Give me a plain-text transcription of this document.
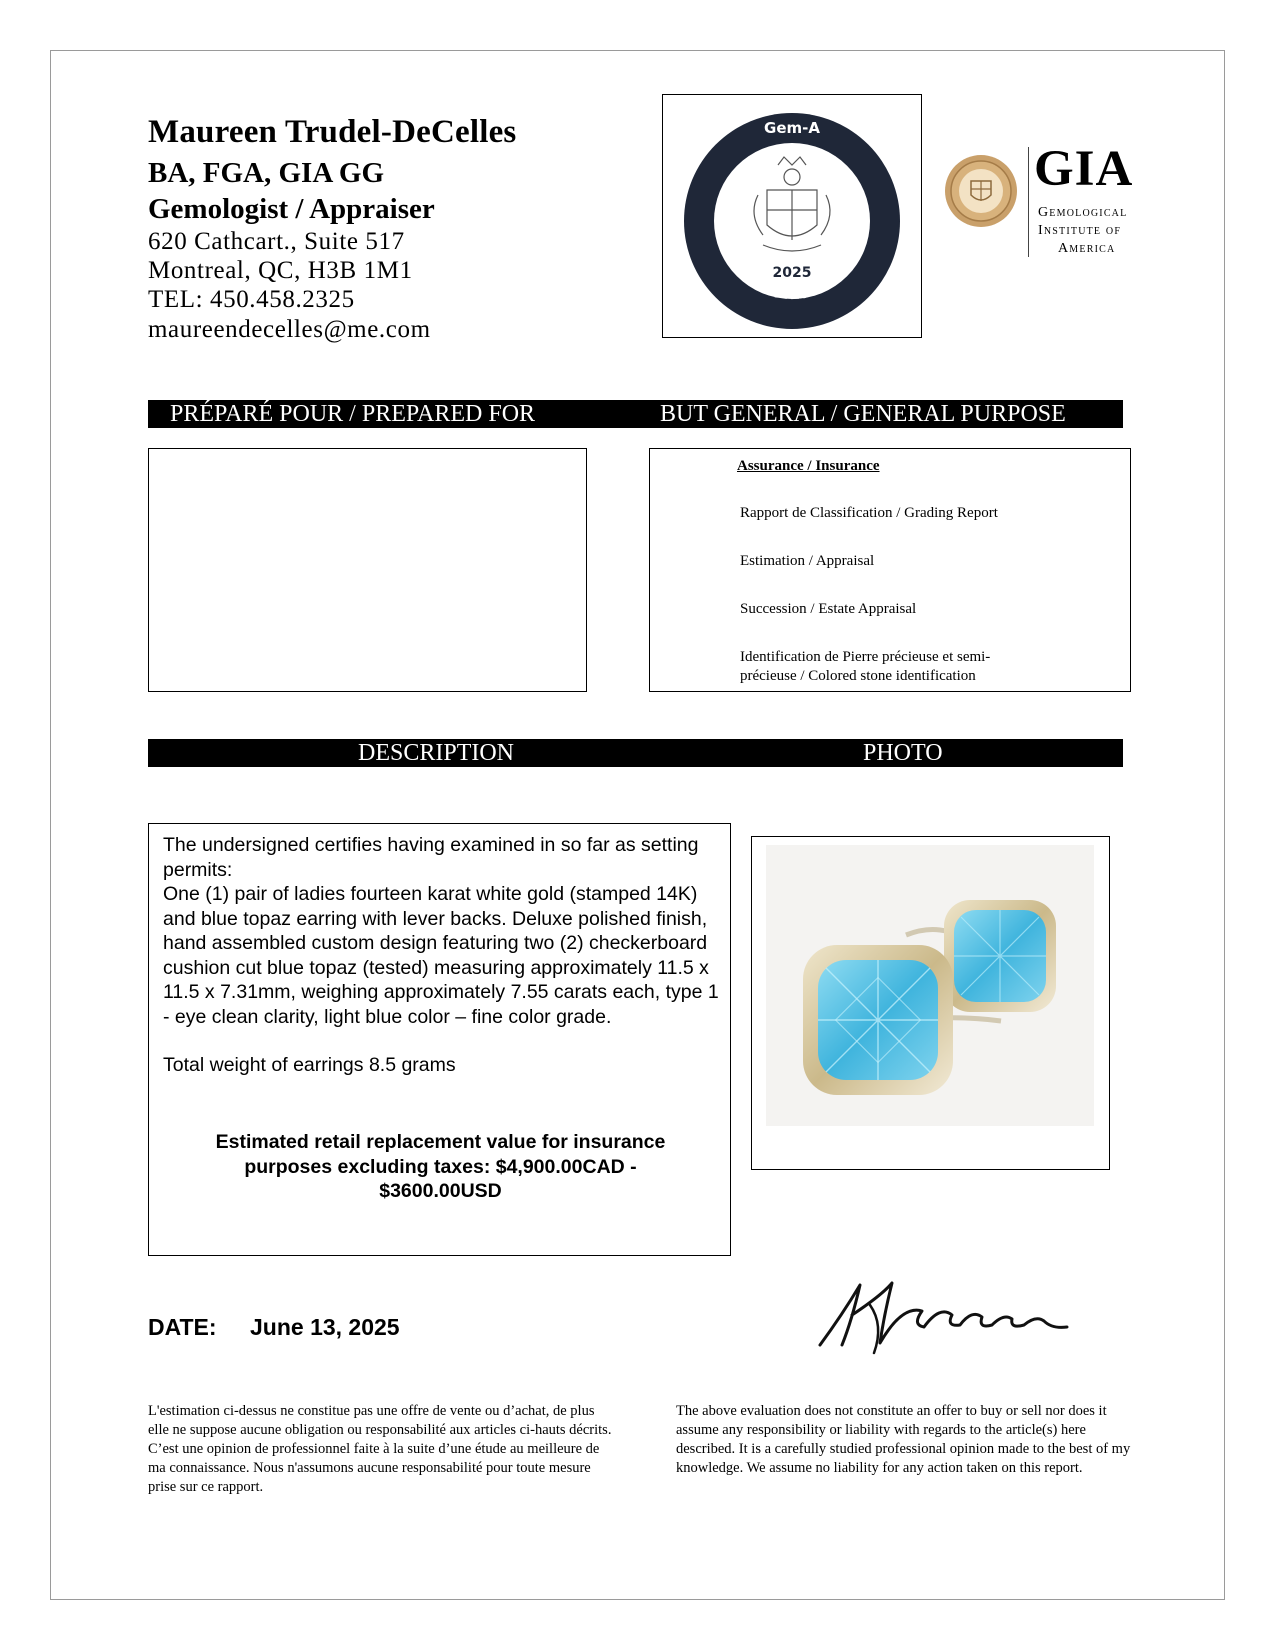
Maureen Trudel-DeCelles
BA, FGA, GIA GG
Gemologist / Appraiser
620 Cathcart., Suite 517
Montreal, QC, H3B 1M1
TEL: 450.458.2325
maureendecelles@me.com
Gem-A
2025
FGA MEMBER
GIA
Gemological
Institute of
America
PRÉPARÉ POUR / PREPARED FOR	BUT GENERAL / GENERAL PURPOSE
Assurance / Insurance
Rapport de Classification / Grading Report
Estimation / Appraisal
Succession / Estate Appraisal
Identification de Pierre précieuse et semi-
précieuse / Colored stone identification
DESCRIPTION	PHOTO

The undersigned certifies having examined in so far as setting permits:

One (1) pair of ladies fourteen karat white gold (stamped 14K) and blue topaz earring with lever backs. Deluxe polished finish, hand assembled custom design featuring two (2) checkerboard cushion cut blue topaz (tested) measuring approximately 11.5 x 11.5 x 7.31mm, weighing approximately 7.55 carats each, type 1 - eye clean clarity, light blue color – fine color grade.

Total weight of earrings 8.5 grams

Estimated retail replacement value for insurance purposes excluding taxes: $4,900.00CAD - $3600.00USD
DATE: June 13, 2025
L'estimation ci-dessus ne constitue pas une offre de vente ou d’achat, de plus elle ne suppose aucune obligation ou responsabilité aux articles ci-hauts décrits. C’est une opinion de professionnel faite à la suite d’une étude au meilleure de ma connaissance. Nous n'assumons aucune responsabilité pour toute mesure prise sur ce rapport.
The above evaluation does not constitute an offer to buy or sell nor does it assume any responsibility or liability with regards to the article(s) here described. It is a carefully studied professional opinion made to the best of my knowledge. We assume no liability for any action taken on this report.
